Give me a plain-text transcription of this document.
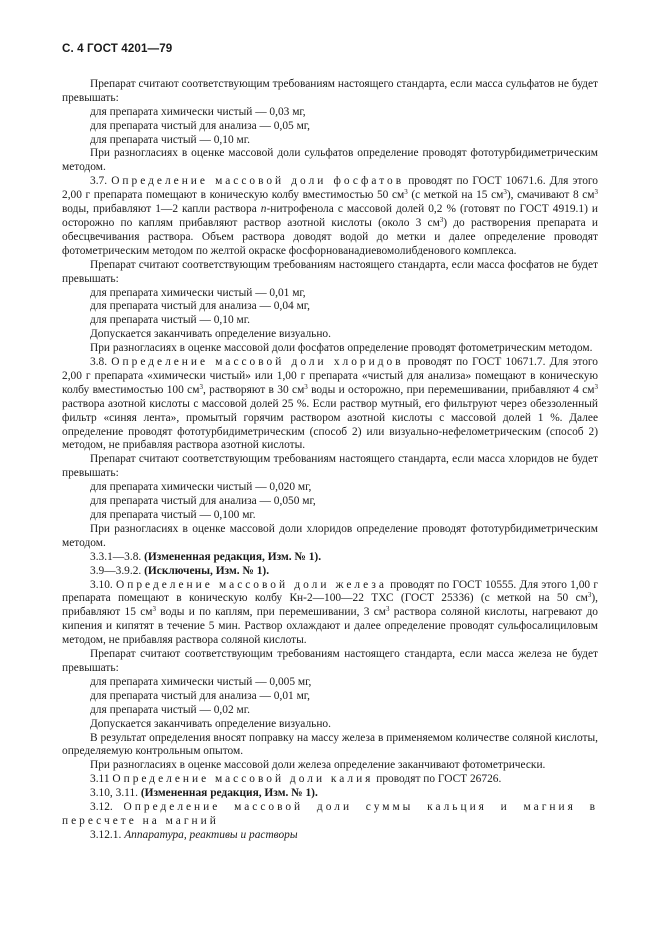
С. 4 ГОСТ 4201—79

Препарат считают соответствующим требованиям настоящего стандарта, если масса сульфатов не будет превышать:

для препарата химически чистый — 0,03 мг,

для препарата чистый для анализа — 0,05 мг,

для препарата чистый — 0,10 мг.

При разногласиях в оценке массовой доли сульфатов определение проводят фототурбидиметрическим методом.

3.7. Определение массовой доли фосфатов проводят по ГОСТ 10671.6. Для этого 2,00 г препарата помещают в коническую колбу вместимостью 50 $см^3$ (с меткой на 15 $см^3$), смачивают 8 $см^3$ воды, прибавляют 1—2 капли раствора n-нитрофенола с массовой долей 0,2 % (готовят по ГОСТ 4919.1) и осторожно по каплям прибавляют раствор азотной кислоты (около 3 $см^3$) до растворения препарата и обесцвечивания раствора. Объем раствора доводят водой до метки и далее определение проводят фотометрическим методом по желтой окраске фосфорнованадиевомолибденового комплекса.

Препарат считают соответствующим требованиям настоящего стандарта, если масса фосфатов не будет превышать:

для препарата химически чистый — 0,01 мг,

для препарата чистый для анализа — 0,04 мг,

для препарата чистый — 0,10 мг.

Допускается заканчивать определение визуально.

При разногласиях в оценке массовой доли фосфатов определение проводят фотометрическим методом.

3.8. Определение массовой доли хлоридов проводят по ГОСТ 10671.7. Для этого 2,00 г препарата «химически чистый» или 1,00 г препарата «чистый для анализа» помещают в коническую колбу вместимостью 100 $см^3$, растворяют в 30 $см^3$ воды и осторожно, при перемешивании, прибавляют 4 $см^3$ раствора азотной кислоты с массовой долей 25 %. Если раствор мутный, его фильтруют через обеззоленный фильтр «синяя лента», промытый горячим раствором азотной кислоты с массовой долей 1 %. Далее определение проводят фототурбидиметрическим (способ 2) или визуально-нефелометрическим (способ 2) методом, не прибавляя раствора азотной кислоты.

Препарат считают соответствующим требованиям настоящего стандарта, если масса хлоридов не будет превышать:

для препарата химически чистый — 0,020 мг,

для препарата чистый для анализа — 0,050 мг,

для препарата чистый — 0,100 мг.

При разногласиях в оценке массовой доли хлоридов определение проводят фототурбидиметрическим методом.

3.3.1—3.8. (Измененная редакция, Изм. № 1).

3.9—3.9.2. (Исключены, Изм. № 1).

3.10. Определение массовой доли железа проводят по ГОСТ 10555. Для этого 1,00 г препарата помещают в коническую колбу Кн-2—100—22 ТХС (ГОСТ 25336) (с меткой на 50 $см^3$), прибавляют 15 $см^3$ воды и по каплям, при перемешивании, 3 $см^3$ раствора соляной кислоты, нагревают до кипения и кипятят в течение 5 мин. Раствор охлаждают и далее определение проводят сульфосалициловым методом, не прибавляя раствора соляной кислоты.

Препарат считают соответствующим требованиям настоящего стандарта, если масса железа не будет превышать:

для препарата химически чистый — 0,005 мг,

для препарата чистый для анализа — 0,01 мг,

для препарата чистый — 0,02 мг.

Допускается заканчивать определение визуально.

В результат определения вносят поправку на массу железа в применяемом количестве соляной кислоты, определяемую контрольным опытом.

При разногласиях в оценке массовой доли железа определение заканчивают фотометрически.

3.11 Определение массовой доли калия проводят по ГОСТ 26726.

3.10, 3.11. (Измененная редакция, Изм. № 1).

3.12. Определение массовой доли суммы кальция и магния в пересчете на магний

3.12.1. Аппаратура, реактивы и растворы
